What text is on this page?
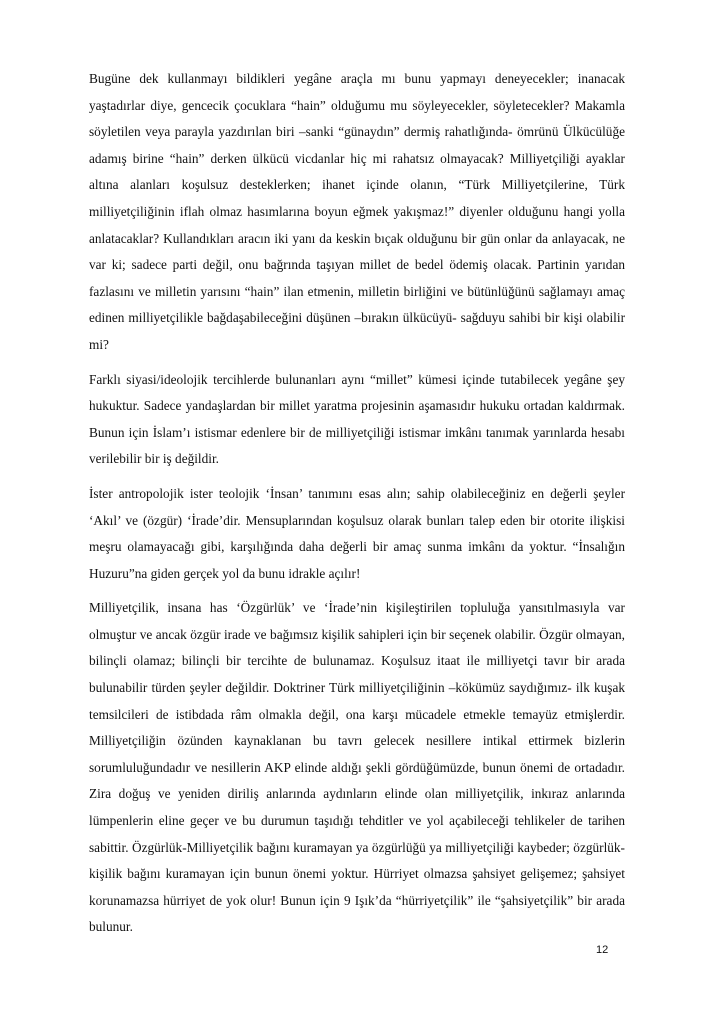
Bugüne dek kullanmayı bildikleri yegâne araçla mı bunu yapmayı deneyecekler; inanacak yaştadırlar diye, gencecik çocuklara “hain” olduğumu mu söyleyecekler, söyletecekler? Makamla söyletilen veya parayla yazdırılan biri –sanki “günaydın” dermiş rahatlığında- ömrünü Ülkücülüğe adamış birine “hain” derken ülkücü vicdanlar hiç mi rahatsız olmayacak? Milliyetçiliği ayaklar altına alanları koşulsuz desteklerken; ihanet içinde olanın, “Türk Milliyetçilerine, Türk milliyetçiliğinin iflah olmaz hasımlarına boyun eğmek yakışmaz!” diyenler olduğunu hangi yolla anlatacaklar? Kullandıkları aracın iki yanı da keskin bıçak olduğunu bir gün onlar da anlayacak, ne var ki; sadece parti değil, onu bağrında taşıyan millet de bedel ödemiş olacak. Partinin yarıdan fazlasını ve milletin yarısını “hain” ilan etmenin, milletin birliğini ve bütünlüğünü sağlamayı amaç edinen milliyetçilikle bağdaşabileceğini düşünen –bırakın ülkücüyü- sağduyu sahibi bir kişi olabilir mi?

Farklı siyasi/ideolojik tercihlerde bulunanları aynı “millet” kümesi içinde tutabilecek yegâne şey hukuktur. Sadece yandaşlardan bir millet yaratma projesinin aşamasıdır hukuku ortadan kaldırmak. Bunun için İslam’ı istismar edenlere bir de milliyetçiliği istismar imkânı tanımak yarınlarda hesabı verilebilir bir iş değildir.

İster antropolojik ister teolojik ‘İnsan’ tanımını esas alın; sahip olabileceğiniz en değerli şeyler ‘Akıl’ ve (özgür) ‘İrade’dir. Mensuplarından koşulsuz olarak bunları talep eden bir otorite ilişkisi meşru olamayacağı gibi, karşılığında daha değerli bir amaç sunma imkânı da yoktur. “İnsalığın Huzuru”na giden gerçek yol da bunu idrakle açılır!

Milliyetçilik, insana has ‘Özgürlük’ ve ‘İrade’nin kişileştirilen topluluğa yansıtılmasıyla var olmuştur ve ancak özgür irade ve bağımsız kişilik sahipleri için bir seçenek olabilir. Özgür olmayan, bilinçli olamaz; bilinçli bir tercihte de bulunamaz. Koşulsuz itaat ile milliyetçi tavır bir arada bulunabilir türden şeyler değildir. Doktriner Türk milliyetçiliğinin –kökümüz saydığımız- ilk kuşak temsilcileri de istibdada râm olmakla değil, ona karşı mücadele etmekle temayüz etmişlerdir. Milliyetçiliğin özünden kaynaklanan bu tavrı gelecek nesillere intikal ettirmek bizlerin sorumluluğundadır ve nesillerin AKP elinde aldığı şekli gördüğümüzde, bunun önemi de ortadadır. Zira doğuş ve yeniden diriliş anlarında aydınların elinde olan milliyetçilik, inkıraz anlarında lümpenlerin eline geçer ve bu durumun taşıdığı tehditler ve yol açabileceği tehlikeler de tarihen sabittir. Özgürlük-Milliyetçilik bağını kuramayan ya özgürlüğü ya milliyetçiliği kaybeder; özgürlük-kişilik bağını kuramayan için bunun önemi yoktur. Hürriyet olmazsa şahsiyet gelişemez; şahsiyet korunamazsa hürriyet de yok olur! Bunun için 9 Işık’da “hürriyetçilik” ile “şahsiyetçilik” bir arada bulunur.

12
